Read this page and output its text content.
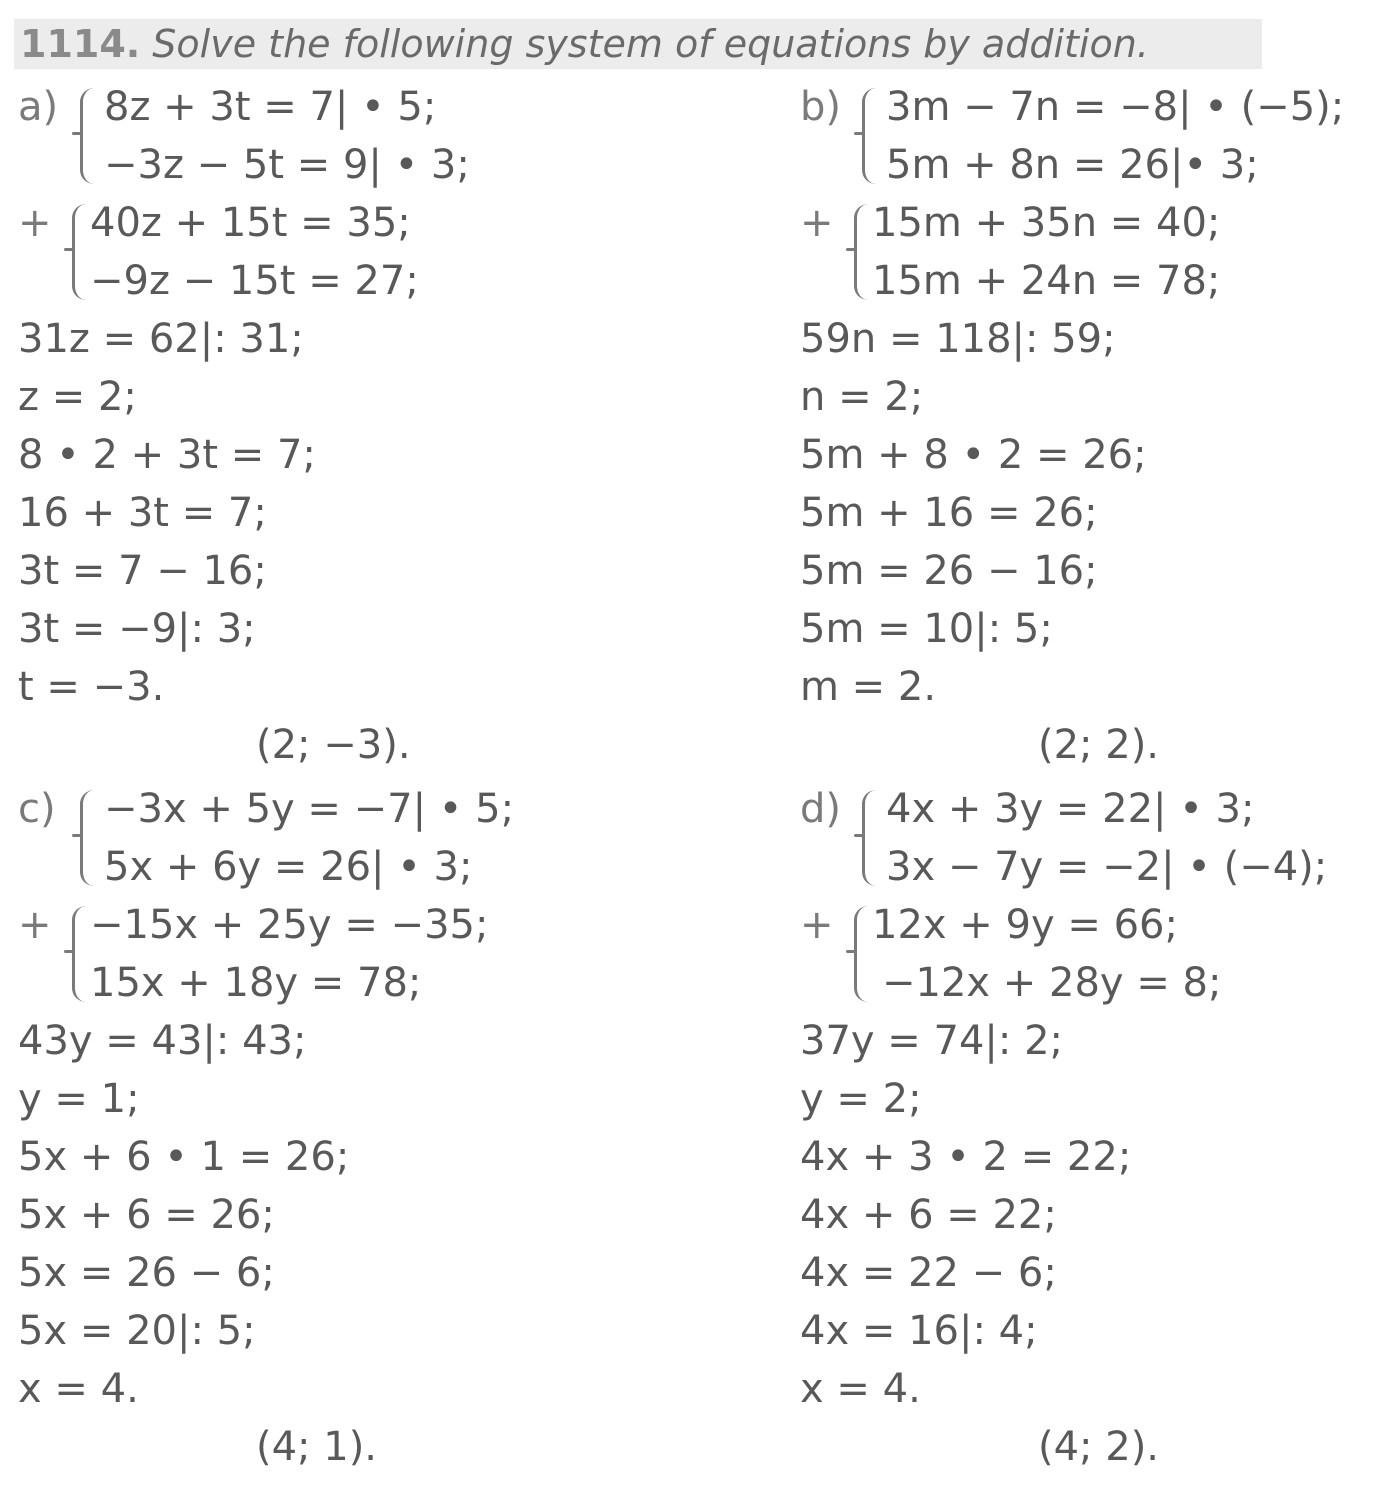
1114. Solve the following system of equations by addition.
a) 8z + 3t = 7| • 5;
−3z − 5t = 9| • 3;
+ 40z + 15t = 35;
−9z − 15t = 27;
31z = 62|: 31;
z = 2;
8 • 2 + 3t = 7;
16 + 3t = 7;
3t = 7 − 16;
3t = −9|: 3;
t = −3.
(2; −3).
b) 3m − 7n = −8| • (−5);
5m + 8n = 26|• 3;
+ 15m + 35n = 40;
15m + 24n = 78;
59n = 118|: 59;
n = 2;
5m + 8 • 2 = 26;
5m + 16 = 26;
5m = 26 − 16;
5m = 10|: 5;
m = 2.
(2; 2).
c) −3x + 5y = −7| • 5;
5x + 6y = 26| • 3;
+ −15x + 25y = −35;
15x + 18y = 78;
43y = 43|: 43;
y = 1;
5x + 6 • 1 = 26;
5x + 6 = 26;
5x = 26 − 6;
5x = 20|: 5;
x = 4.
(4; 1).
d) 4x + 3y = 22| • 3;
3x − 7y = −2| • (−4);
+ 12x + 9y = 66;
−12x + 28y = 8;
37y = 74|: 2;
y = 2;
4x + 3 • 2 = 22;
4x + 6 = 22;
4x = 22 − 6;
4x = 16|: 4;
x = 4.
(4; 2).
